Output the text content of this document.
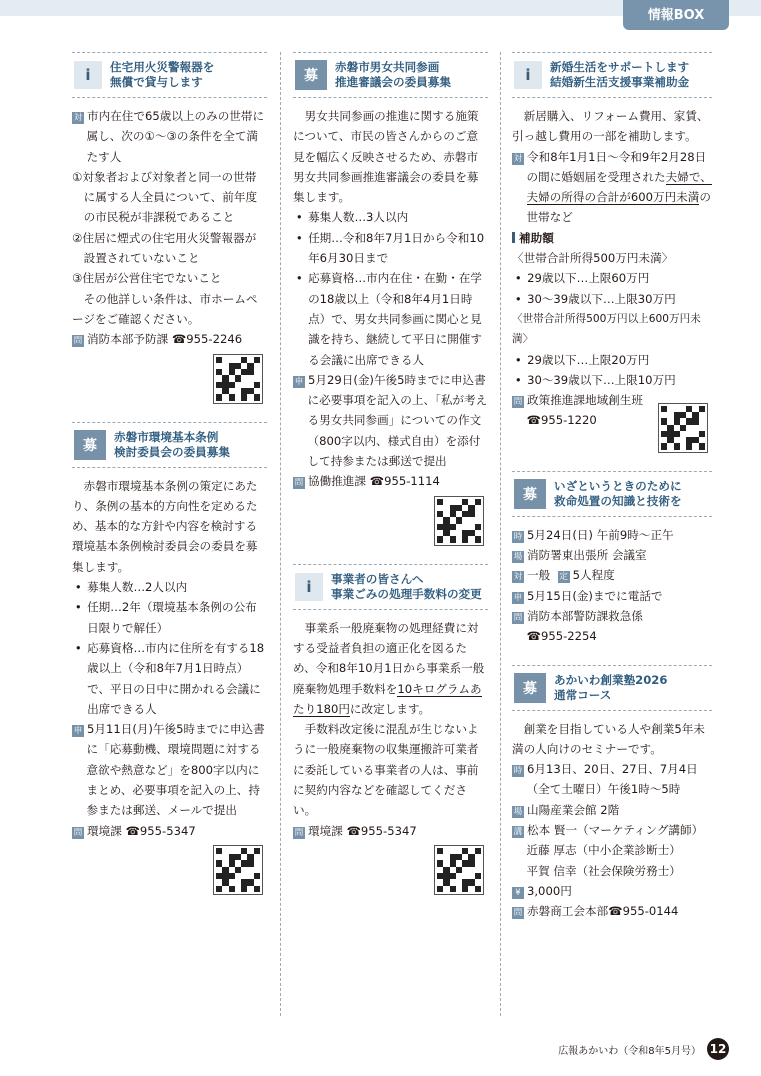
情報BOX
i	住宅用火災警報器を
無償で貸与します
対 市内在住で65歳以上のみの世帯に属し、次の①～③の条件を全て満たす人
①対象者および対象者と同一の世帯に属する人全員について、前年度の市民税が非課税であること
②住居に煙式の住宅用火災警報器が設置されていないこと
③住居が公営住宅でないこと
その他詳しい条件は、市ホームページをご確認ください。
問 消防本部予防課 ☎955-2246
募
赤磐市環境基本条例
検討委員会の委員募集
赤磐市環境基本条例の策定にあたり、条例の基本的方向性を定めるため、基本的な方針や内容を検討する環境基本条例検討委員会の委員を募集します。
• 募集人数…2人以内
• 任期…2年（環境基本条例の公布日限りで解任）
• 応募資格…市内に住所を有する18歳以上（令和8年7月1日時点）で、平日の日中に開かれる会議に出席できる人
申 5月11日(月)午後5時までに申込書に「応募動機、環境問題に対する意欲や熱意など」を800字以内にまとめ、必要事項を記入の上、持参または郵送、メールで提出
問 環境課 ☎955-5347
募
赤磐市男女共同参画
推進審議会の委員募集
男女共同参画の推進に関する施策について、市民の皆さんからのご意見を幅広く反映させるため、赤磐市男女共同参画推進審議会の委員を募集します。
• 募集人数…3人以内
• 任期…令和8年7月1日から令和10年6月30日まで
• 応募資格…市内在住・在勤・在学の18歳以上（令和8年4月1日時点）で、男女共同参画に関心と見識を持ち、継続して平日に開催する会議に出席できる人
申 5月29日(金)午後5時までに申込書に必要事項を記入の上、「私が考える男女共同参画」についての作文（800字以内、様式自由）を添付して持参または郵送で提出
問 協働推進課 ☎955-1114
i	事業者の皆さんへ
事業ごみの処理手数料の変更
事業系一般廃棄物の処理経費に対する受益者負担の適正化を図るため、令和8年10月1日から事業系一般廃棄物処理手数料を10キログラムあたり180円に改定します。
手数料改定後に混乱が生じないように一般廃棄物の収集運搬許可業者に委託している事業者の人は、事前に契約内容などを確認してください。
問 環境課 ☎955-5347
i	新婚生活をサポートします
結婚新生活支援事業補助金
新居購入、リフォーム費用、家賃、引っ越し費用の一部を補助します。
対 令和8年1月1日～令和9年2月28日の間に婚姻届を受理された夫婦で、夫婦の所得の合計が600万円未満の世帯など
補助額
〈世帯合計所得500万円未満〉
• 29歳以下…上限60万円
• 30～39歳以下…上限30万円
〈世帯合計所得500万円以上600万円未満〉
• 29歳以下…上限20万円
• 30～39歳以下…上限10万円
問 政策推進課地域創生班
☎955-1220
募
いざというときのために
救命処置の知識と技術を
時 5月24日(日) 午前9時～正午
場 消防署東出張所 会議室
対 一般 定 5人程度
申 5月15日(金)までに電話で
問 消防本部警防課救急係
☎955-2254
募
あかいわ創業塾2026
通常コース
創業を目指している人や創業5年未満の人向けのセミナーです。
時 6月13日、20日、27日、7月4日
（全て土曜日）午後1時～5時
場 山陽産業会館 2階
講 松本 賢一（マーケティング講師）
近藤 厚志（中小企業診断士）
平賀 信幸（社会保険労務士）
¥ 3,000円
問 赤磐商工会本部☎955-0144
広報あかいわ（令和8年5月号） 12
